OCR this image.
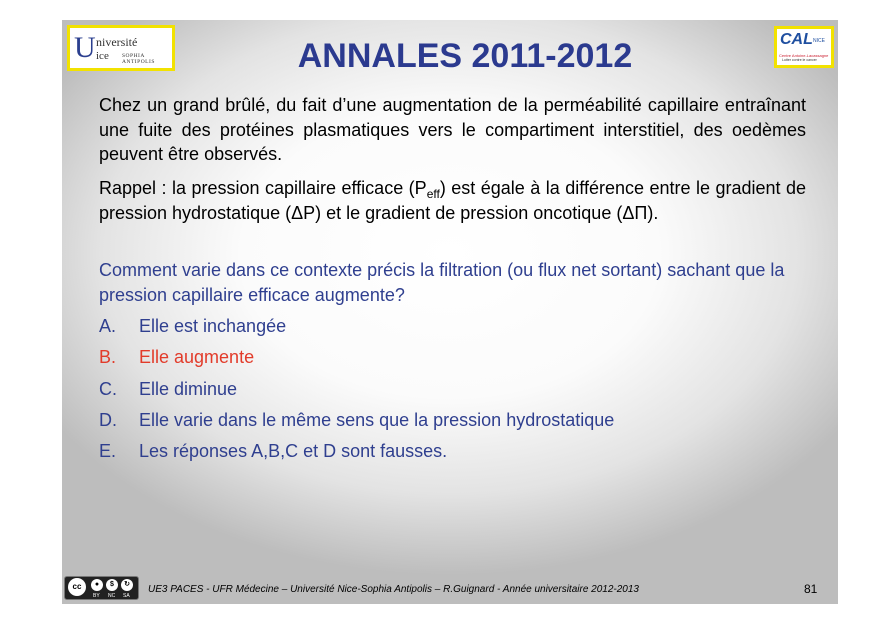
U niversité
ice SOPHIA ANTIPOLIS	ANNALES 2011-2012	CAL NICE
Centre Antoine-Lacassagne
Lutter contre le cancer

Chez un grand brûlé, du fait d’une augmentation de la perméabilité capillaire entraînant une fuite des protéines plasmatiques vers le compartiment interstitiel, des oedèmes peuvent être observés.

Rappel : la pression capillaire efficace $(P_{eff})$ est égale à la différence entre le gradient de pression hydrostatique (ΔP) et le gradient de pression oncotique (ΔΠ).

Comment varie dans ce contexte précis la filtration (ou flux net sortant) sachant que la pression capillaire efficace augmente?

A. Elle est inchangée
B. Elle augmente
C. Elle diminue
D. Elle varie dans le même sens que la pression hydrostatique
E. Les réponses A,B,C et D sont fausses.
cc	●	$	↻
BY NC SA
UE3 PACES - UFR Médecine – Université Nice-Sophia Antipolis – R.Guignard - Année universitaire 2012-2013	81
